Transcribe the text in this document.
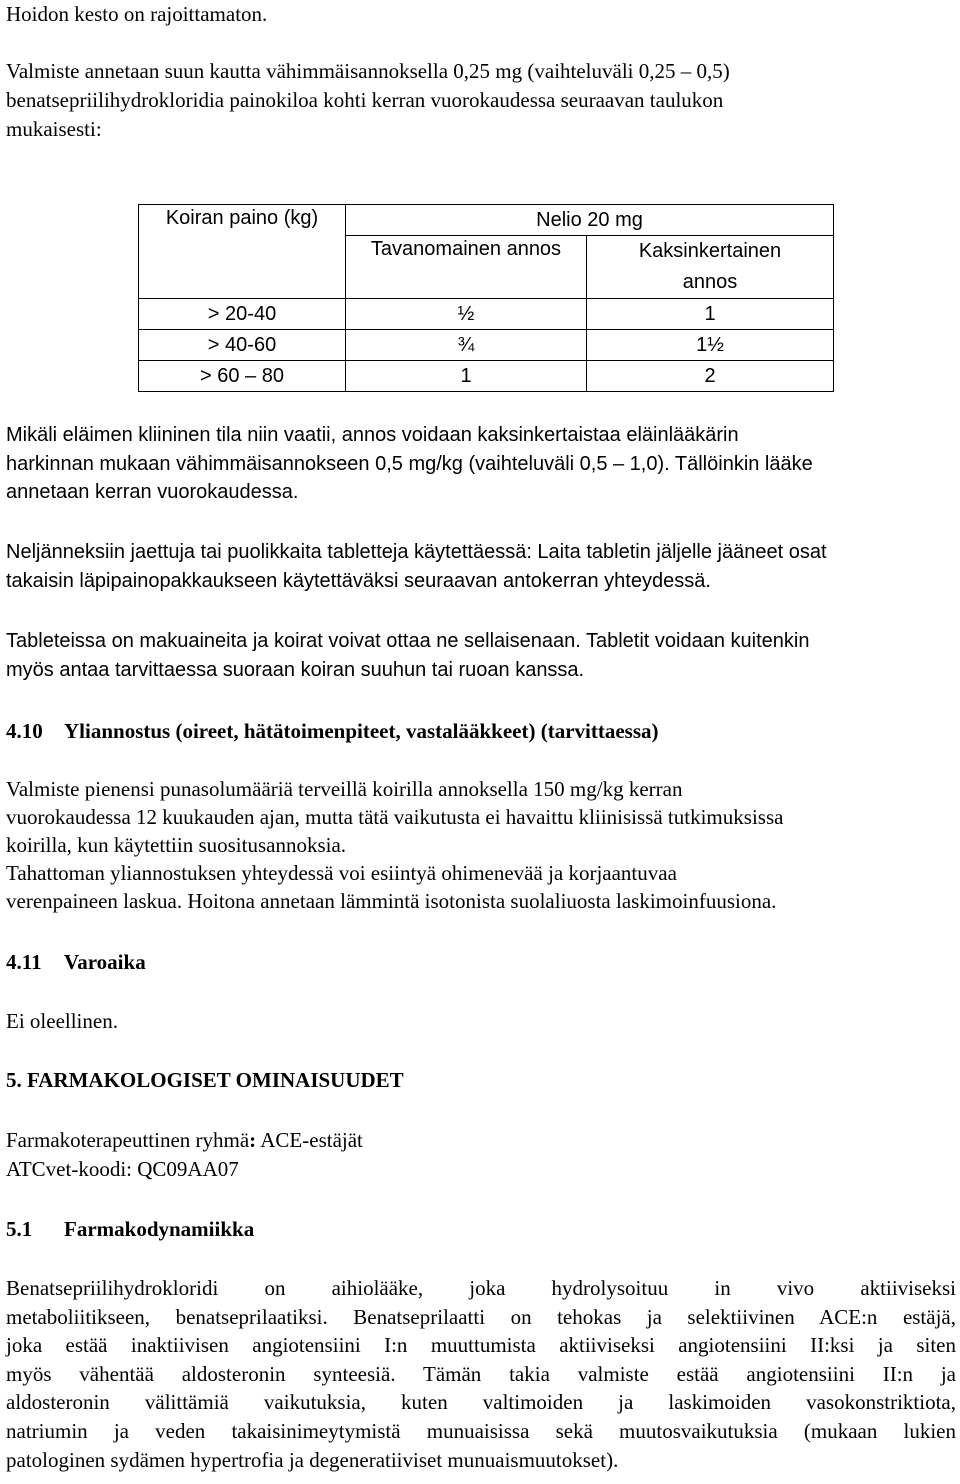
Hoidon kesto on rajoittamaton.
Valmiste annetaan suun kautta vähimmäisannoksella 0,25 mg (vaihteluväli 0,25 – 0,5)
benatsepriilihydrokloridia painokiloa kohti kerran vuorokaudessa seuraavan taulukon
mukaisesti:
Koiran paino (kg)	Nelio 20 mg	
	Tavanomainen annos	Kaksinkertainen
annos
> 20-40	½	1
> 40-60	¾	1½
> 60 – 80	1	2
Mikäli eläimen kliininen tila niin vaatii, annos voidaan kaksinkertaistaa eläinlääkärin
harkinnan mukaan vähimmäisannokseen 0,5 mg/kg (vaihteluväli 0,5 – 1,0). Tällöinkin lääke
annetaan kerran vuorokaudessa.
Neljänneksiin jaettuja tai puolikkaita tabletteja käytettäessä: Laita tabletin jäljelle jääneet osat
takaisin läpipainopakkaukseen käytettäväksi seuraavan antokerran yhteydessä.
Tableteissa on makuaineita ja koirat voivat ottaa ne sellaisenaan. Tabletit voidaan kuitenkin
myös antaa tarvittaessa suoraan koiran suuhun tai ruoan kanssa.
4.10 Yliannostus (oireet, hätätoimenpiteet, vastalääkkeet) (tarvittaessa)
Valmiste pienensi punasolumääriä terveillä koirilla annoksella 150 mg/kg kerran
vuorokaudessa 12 kuukauden ajan, mutta tätä vaikutusta ei havaittu kliinisissä tutkimuksissa
koirilla, kun käytettiin suositusannoksia.
Tahattoman yliannostuksen yhteydessä voi esiintyä ohimenevää ja korjaantuvaa
verenpaineen laskua. Hoitona annetaan lämmintä isotonista suolaliuosta laskimoinfuusiona.
4.11 Varoaika
Ei oleellinen.
5. FARMAKOLOGISET OMINAISUUDET
Farmakoterapeuttinen ryhmä: ACE-estäjät
ATCvet-koodi: QC09AA07
5.1 Farmakodynamiikka
Benatsepriilihydrokloridi on aihiolääke, joka hydrolysoituu in vivo aktiiviseksi
metaboliitikseen, benatseprilaatiksi. Benatseprilaatti on tehokas ja selektiivinen ACE:n estäjä,
joka estää inaktiivisen angiotensiini I:n muuttumista aktiiviseksi angiotensiini II:ksi ja siten
myös vähentää aldosteronin synteesiä. Tämän takia valmiste estää angiotensiini II:n ja
aldosteronin välittämiä vaikutuksia, kuten valtimoiden ja laskimoiden vasokonstriktiota,
natriumin ja veden takaisinimeytymistä munuaisissa sekä muutosvaikutuksia (mukaan lukien
patologinen sydämen hypertrofia ja degeneratiiviset munuaismuutokset).
